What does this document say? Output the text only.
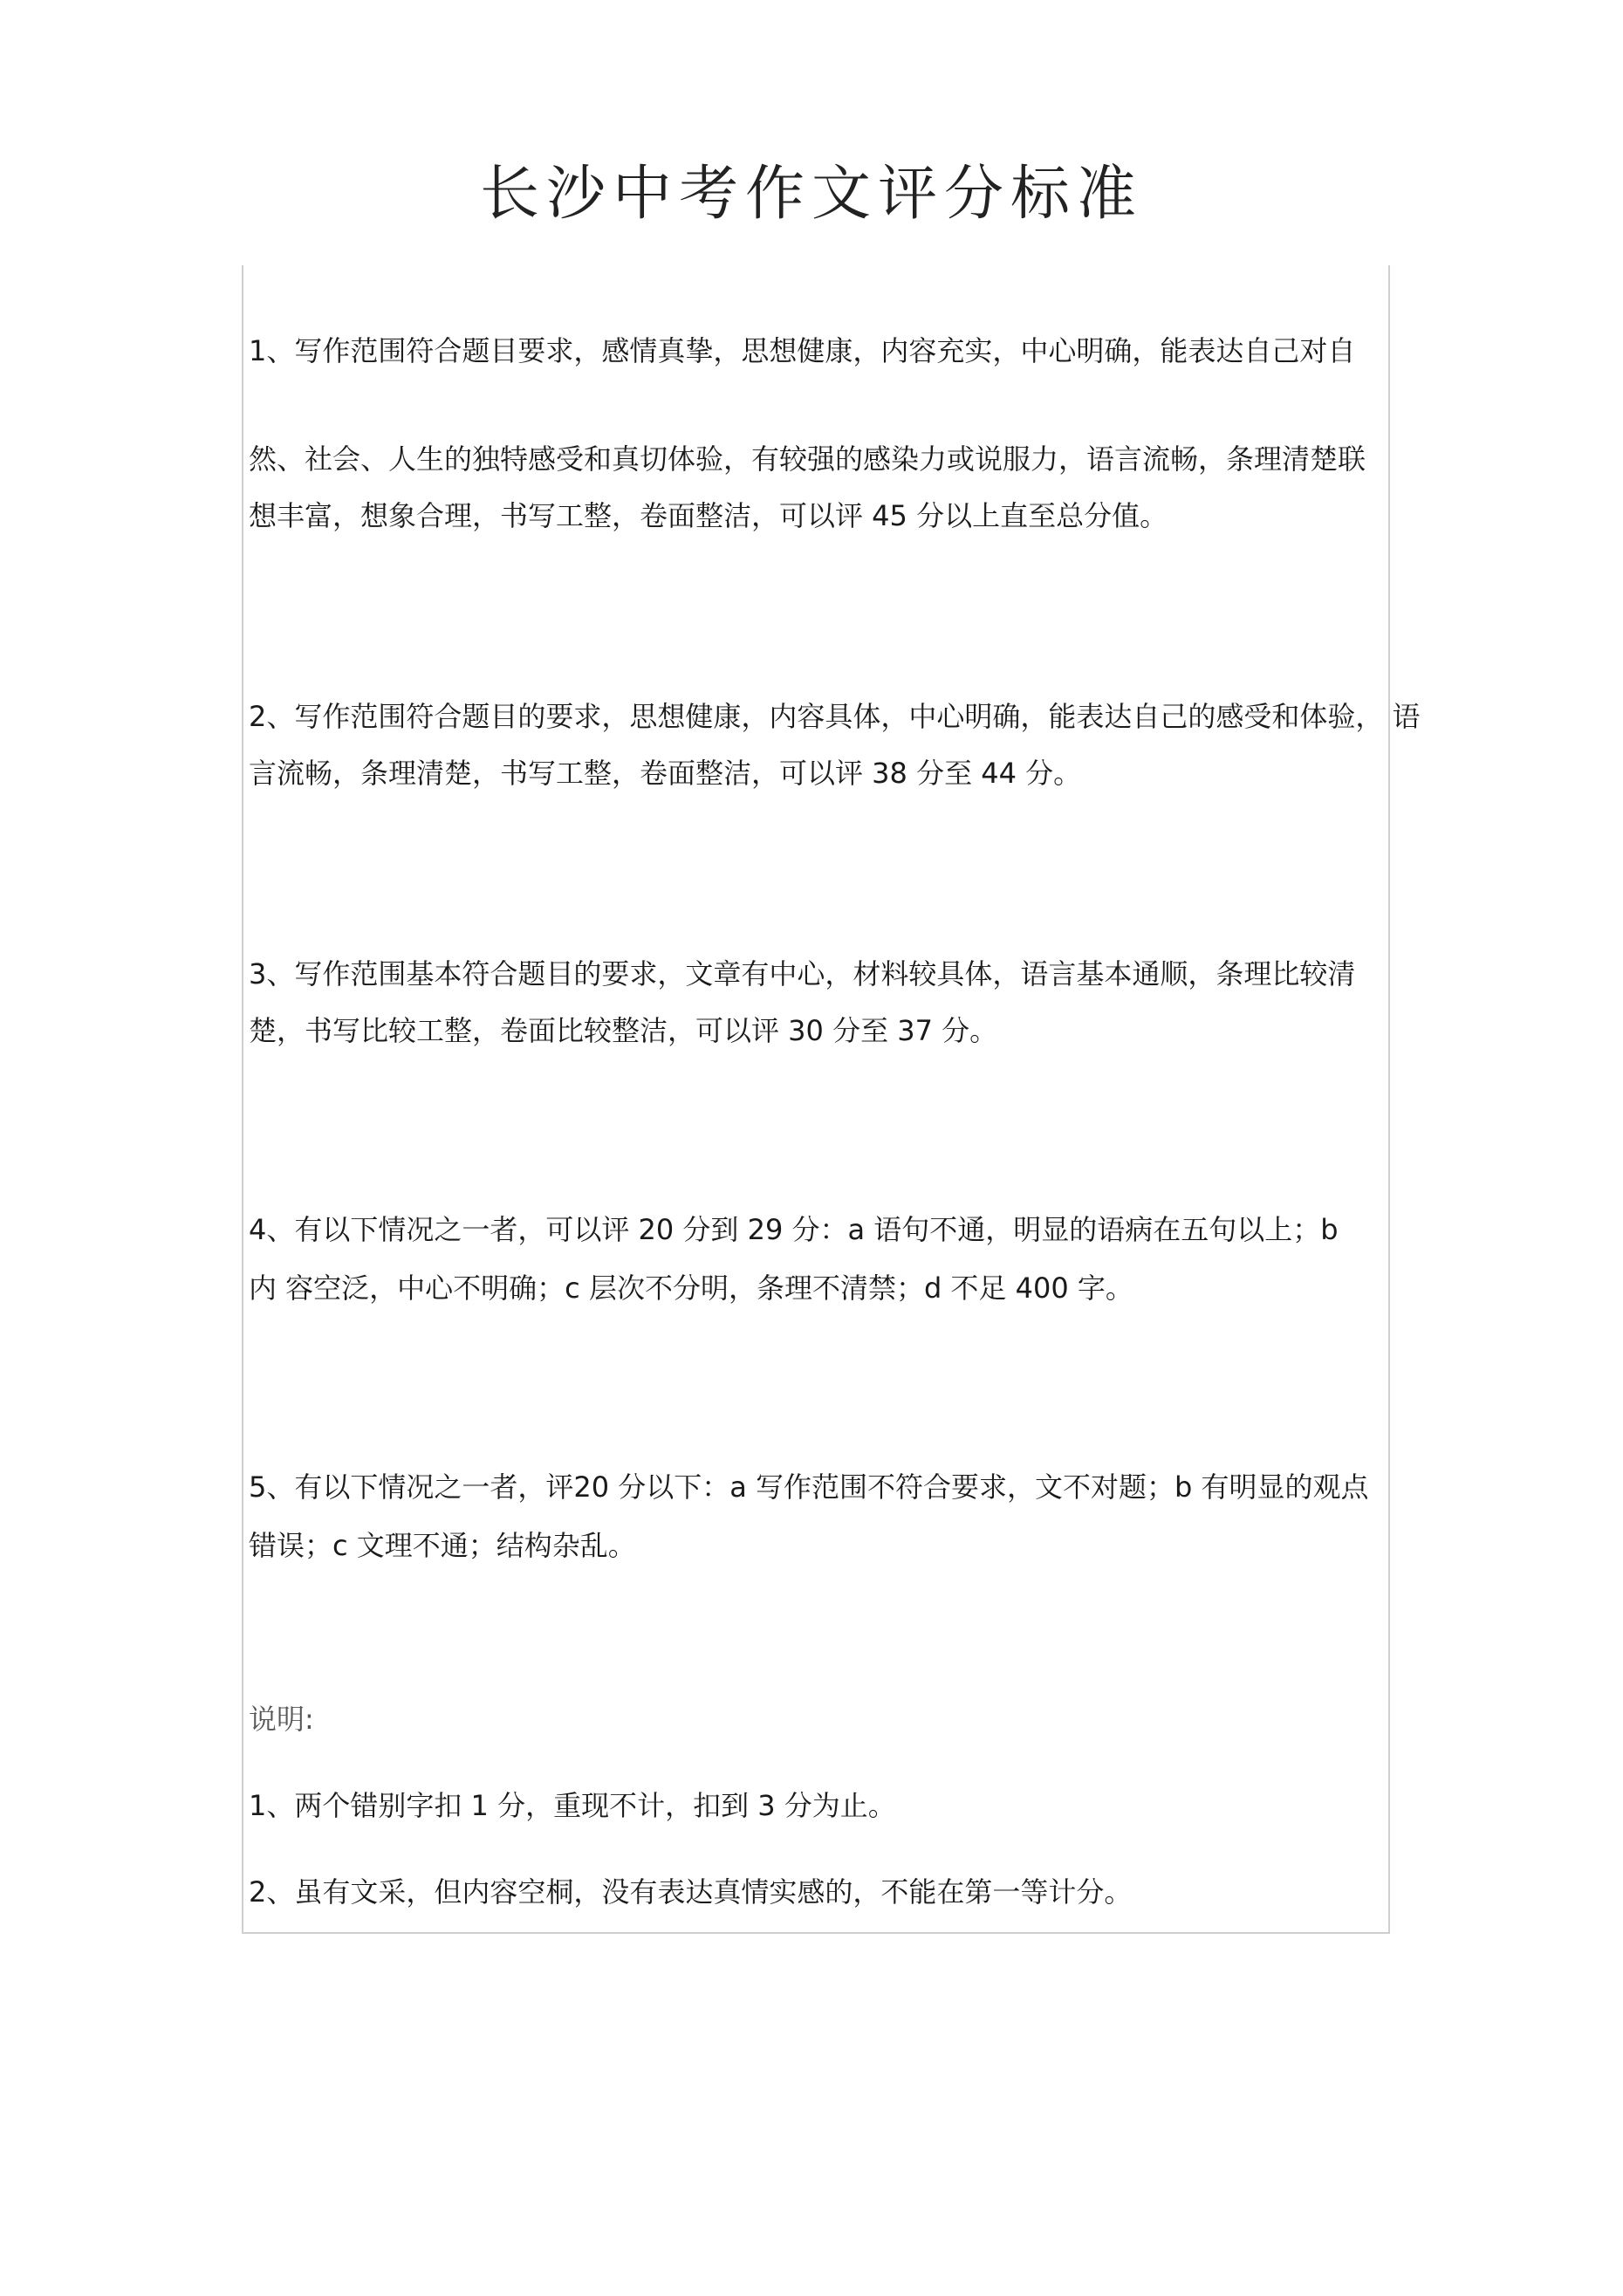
长沙中考作文评分标准
1、写作范围符合题目要求，感情真挚，思想健康，内容充实，中心明确，能表达自己对自
然、社会、人生的独特感受和真切体验，有较强的感染力或说服力，语言流畅，条理清楚联
想丰富，想象合理，书写工整，卷面整洁，可以评 45 分以上直至总分值。
2、写作范围符合题目的要求，思想健康，内容具体，中心明确，能表达自己的感受和体验， 语
言流畅，条理清楚，书写工整，卷面整洁，可以评 38 分至 44 分。
3、写作范围基本符合题目的要求，文章有中心，材料较具体，语言基本通顺，条理比较清
楚，书写比较工整，卷面比较整洁，可以评 30 分至 37 分。
4、有以下情况之一者，可以评 20 分到 29 分：a 语句不通，明显的语病在五句以上；b
内 容空泛，中心不明确；c 层次不分明，条理不清禁；d 不足 400 字。
5、有以下情况之一者，评20 分以下：a 写作范围不符合要求，文不对题；b 有明显的观点
错误；c 文理不通；结构杂乱。
说明:
1、两个错别字扣 1 分，重现不计，扣到 3 分为止。
2、虽有文采，但内容空桐，没有表达真情实感的，不能在第一等计分。
